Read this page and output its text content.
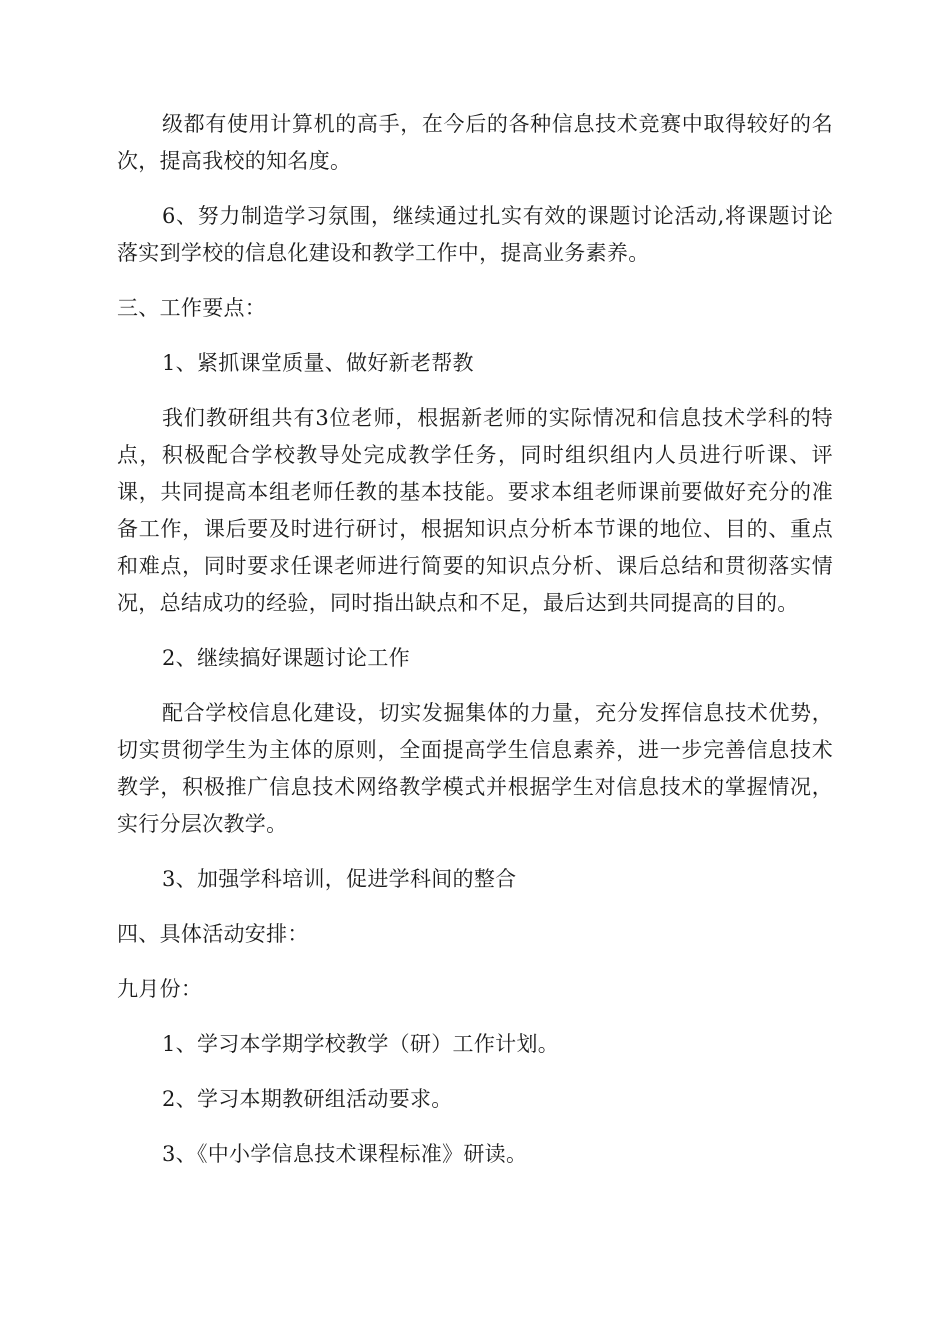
级都有使用计算机的高手，在今后的各种信息技术竞赛中取得较好的名次，提高我校的知名度。

6、努力制造学习氛围，继续通过扎实有效的课题讨论活动,将课题讨论落实到学校的信息化建设和教学工作中，提高业务素养。

三、工作要点：

1、紧抓课堂质量、做好新老帮教

我们教研组共有3位老师，根据新老师的实际情况和信息技术学科的特点，积极配合学校教导处完成教学任务，同时组织组内人员进行听课、评课，共同提高本组老师任教的基本技能。要求本组老师课前要做好充分的准备工作，课后要及时进行研讨，根据知识点分析本节课的地位、目的、重点和难点，同时要求任课老师进行简要的知识点分析、课后总结和贯彻落实情况，总结成功的经验，同时指出缺点和不足，最后达到共同提高的目的。

2、继续搞好课题讨论工作

配合学校信息化建设，切实发掘集体的力量，充分发挥信息技术优势，切实贯彻学生为主体的原则，全面提高学生信息素养，进一步完善信息技术教学，积极推广信息技术网络教学模式并根据学生对信息技术的掌握情况，实行分层次教学。

3、加强学科培训，促进学科间的整合

四、具体活动安排：

九月份：

1、学习本学期学校教学（研）工作计划。

2、学习本期教研组活动要求。

3、《中小学信息技术课程标准》研读。
